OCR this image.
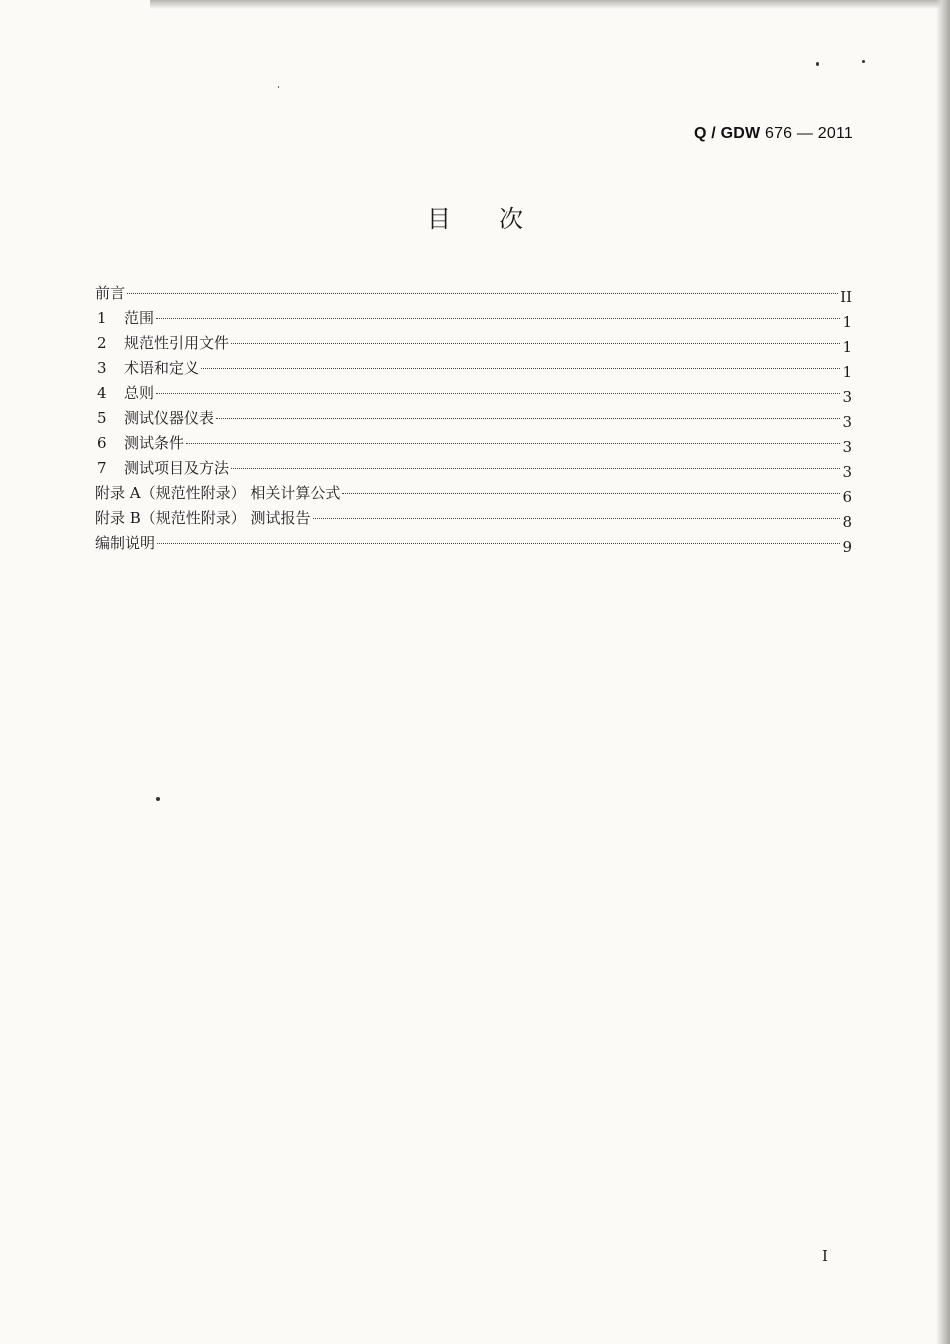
Q / GDW 676 — 2011
目次
前言	II
1	范围	1
2	规范性引用文件	1
3	术语和定义	1
4	总则	3
5	测试仪器仪表	3
6	测试条件	3
7	测试项目及方法	3
附录 A（规范性附录） 相关计算公式	6
附录 B（规范性附录） 测试报告	8
编制说明	9
I
